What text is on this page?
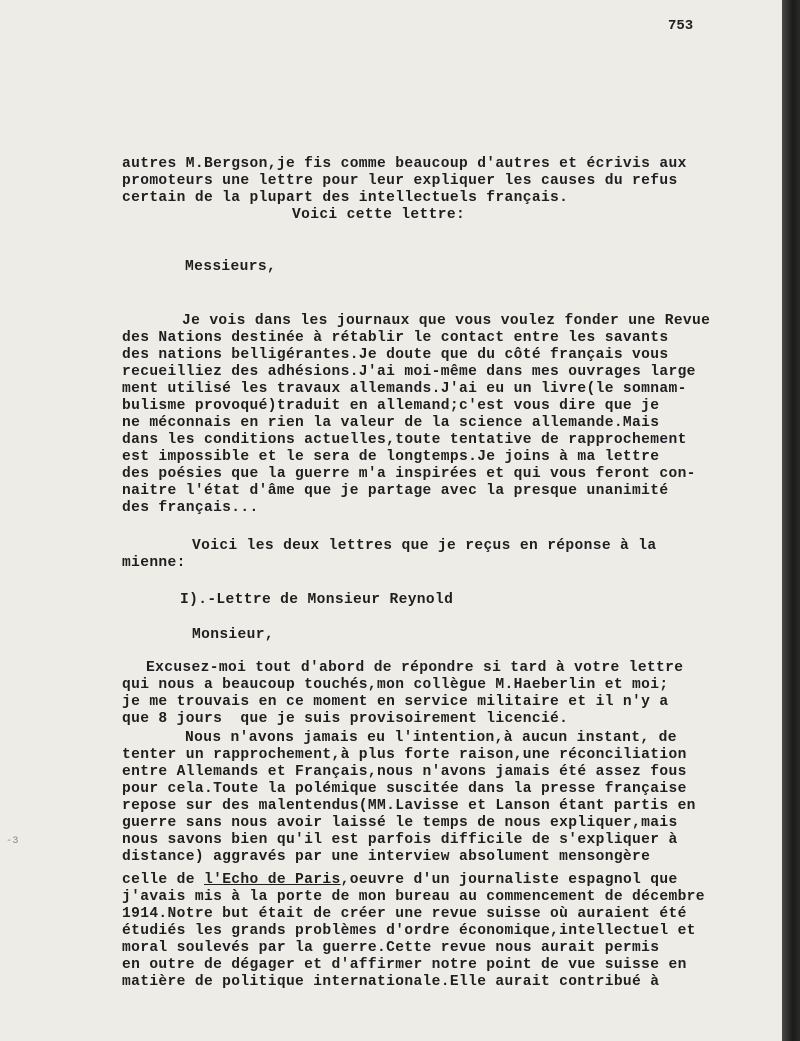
753
-3
autres M.Bergson,je fis comme beaucoup d'autres et écrivis aux
promoteurs une lettre pour leur expliquer les causes du refus
certain de la plupart des intellectuels français.
Voici cette lettre:
Messieurs,
Je vois dans les journaux que vous voulez fonder une Revue
des Nations destinée à rétablir le contact entre les savants
des nations belligérantes.Je doute que du côté français vous
recueilliez des adhésions.J'ai moi-même dans mes ouvrages large
ment utilisé les travaux allemands.J'ai eu un livre(le somnam-
bulisme provoqué)traduit en allemand;c'est vous dire que je
ne méconnais en rien la valeur de la science allemande.Mais
dans les conditions actuelles,toute tentative de rapprochement
est impossible et le sera de longtemps.Je joins à ma lettre
des poésies que la guerre m'a inspirées et qui vous feront con-
naitre l'état d'âme que je partage avec la presque unanimité
des français...
Voici les deux lettres que je reçus en réponse à la
mienne:
I).-Lettre de Monsieur Reynold
Monsieur,
Excusez-moi tout d'abord de répondre si tard à votre lettre
qui nous a beaucoup touchés,mon collègue M.Haeberlin et moi;
je me trouvais en ce moment en service militaire et il n'y a
que 8 jours  que je suis provisoirement licencié.
Nous n'avons jamais eu l'intention,à aucun instant, de
tenter un rapprochement,à plus forte raison,une réconciliation
entre Allemands et Français,nous n'avons jamais été assez fous
pour cela.Toute la polémique suscitée dans la presse française
repose sur des malentendus(MM.Lavisse et Lanson étant partis en
guerre sans nous avoir laissé le temps de nous expliquer,mais
nous savons bien qu'il est parfois difficile de s'expliquer à
distance) aggravés par une interview absolument mensongère
celle de l'Echo de Paris,oeuvre d'un journaliste espagnol que
j'avais mis à la porte de mon bureau au commencement de décembre
1914.Notre but était de créer une revue suisse où auraient été
étudiés les grands problèmes d'ordre économique,intellectuel et
moral soulevés par la guerre.Cette revue nous aurait permis
en outre de dégager et d'affirmer notre point de vue suisse en
matière de politique internationale.Elle aurait contribué à
